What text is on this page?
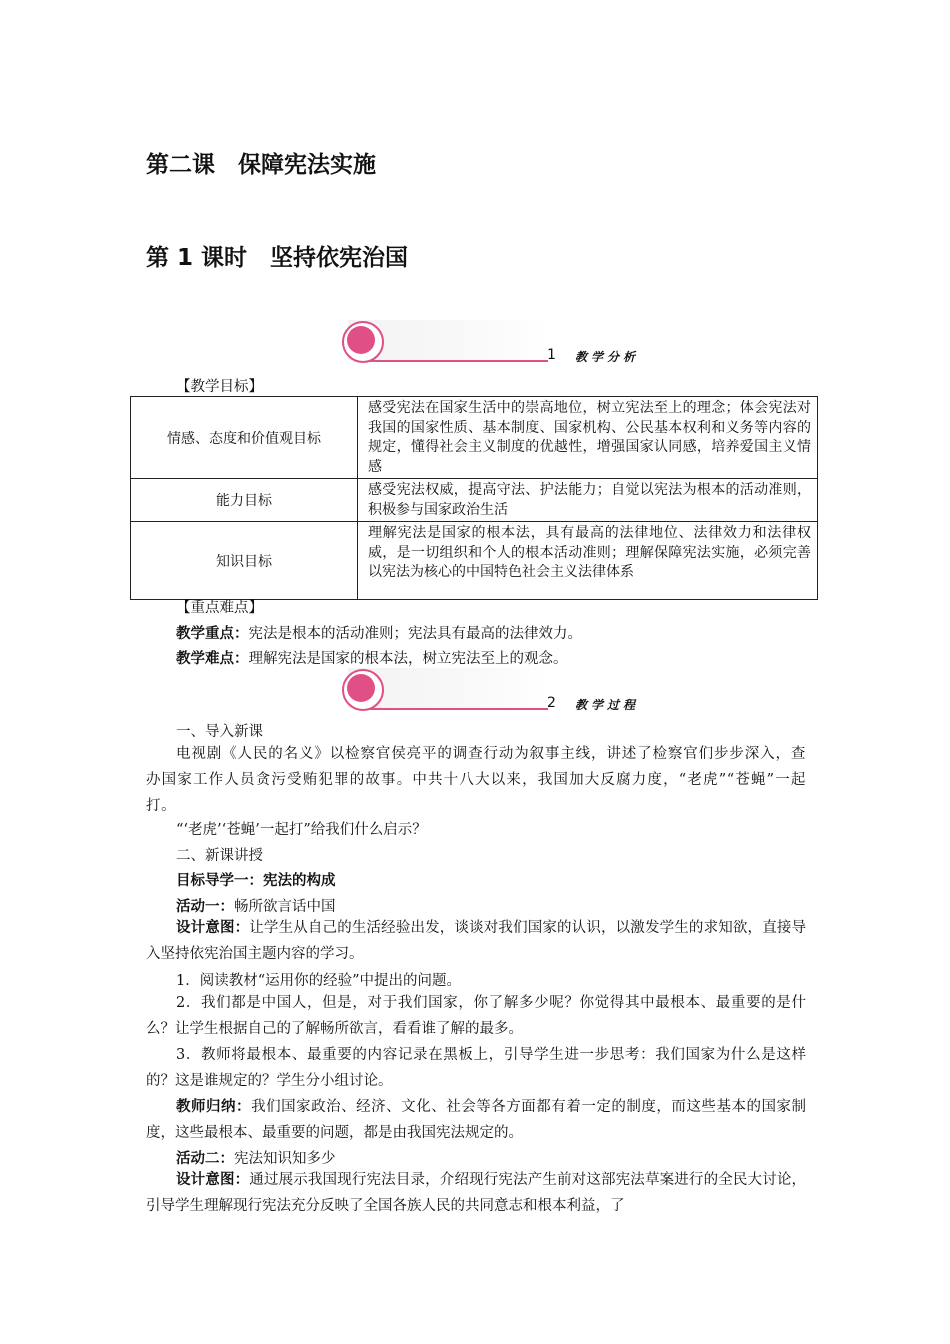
第二课　保障宪法实施
第 1 课时　坚持依宪治国
1 教学分析
【教学目标】
情感、态度和价值观目标	感受宪法在国家生活中的崇高地位，树立宪法至上的理念；体会宪法对我国的国家性质、基本制度、国家机构、公民基本权利和义务等内容的规定，懂得社会主义制度的优越性，增强国家认同感，培养爱国主义情感
能力目标	感受宪法权威，提高守法、护法能力；自觉以宪法为根本的活动准则，积极参与国家政治生活
知识目标	理解宪法是国家的根本法，具有最高的法律地位、法律效力和法律权威，是一切组织和个人的根本活动准则；理解保障宪法实施，必须完善以宪法为核心的中国特色社会主义法律体系
【重点难点】
教学重点：宪法是根本的活动准则；宪法具有最高的法律效力。
教学难点：理解宪法是国家的根本法，树立宪法至上的观念。
2 教学过程
一、导入新课
电视剧《人民的名义》以检察官侯亮平的调查行动为叙事主线，讲述了检察官们步步深入，查办国家工作人员贪污受贿犯罪的故事。中共十八大以来，我国加大反腐力度，“老虎”“苍蝇”一起打。
“‘老虎’‘苍蝇’一起打”给我们什么启示？
二、新课讲授
目标导学一：宪法的构成
活动一：畅所欲言话中国
设计意图：让学生从自己的生活经验出发，谈谈对我们国家的认识，以激发学生的求知欲，直接导入坚持依宪治国主题内容的学习。
1．阅读教材“运用你的经验”中提出的问题。
2．我们都是中国人，但是，对于我们国家，你了解多少呢？你觉得其中最根本、最重要的是什么？让学生根据自己的了解畅所欲言，看看谁了解的最多。
3．教师将最根本、最重要的内容记录在黑板上，引导学生进一步思考：我们国家为什么是这样的？这是谁规定的？学生分小组讨论。
教师归纳：我们国家政治、经济、文化、社会等各方面都有着一定的制度，而这些基本的国家制度，这些最根本、最重要的问题，都是由我国宪法规定的。
活动二：宪法知识知多少
设计意图：通过展示我国现行宪法目录，介绍现行宪法产生前对这部宪法草案进行的全民大讨论，引导学生理解现行宪法充分反映了全国各族人民的共同意志和根本利益，了
